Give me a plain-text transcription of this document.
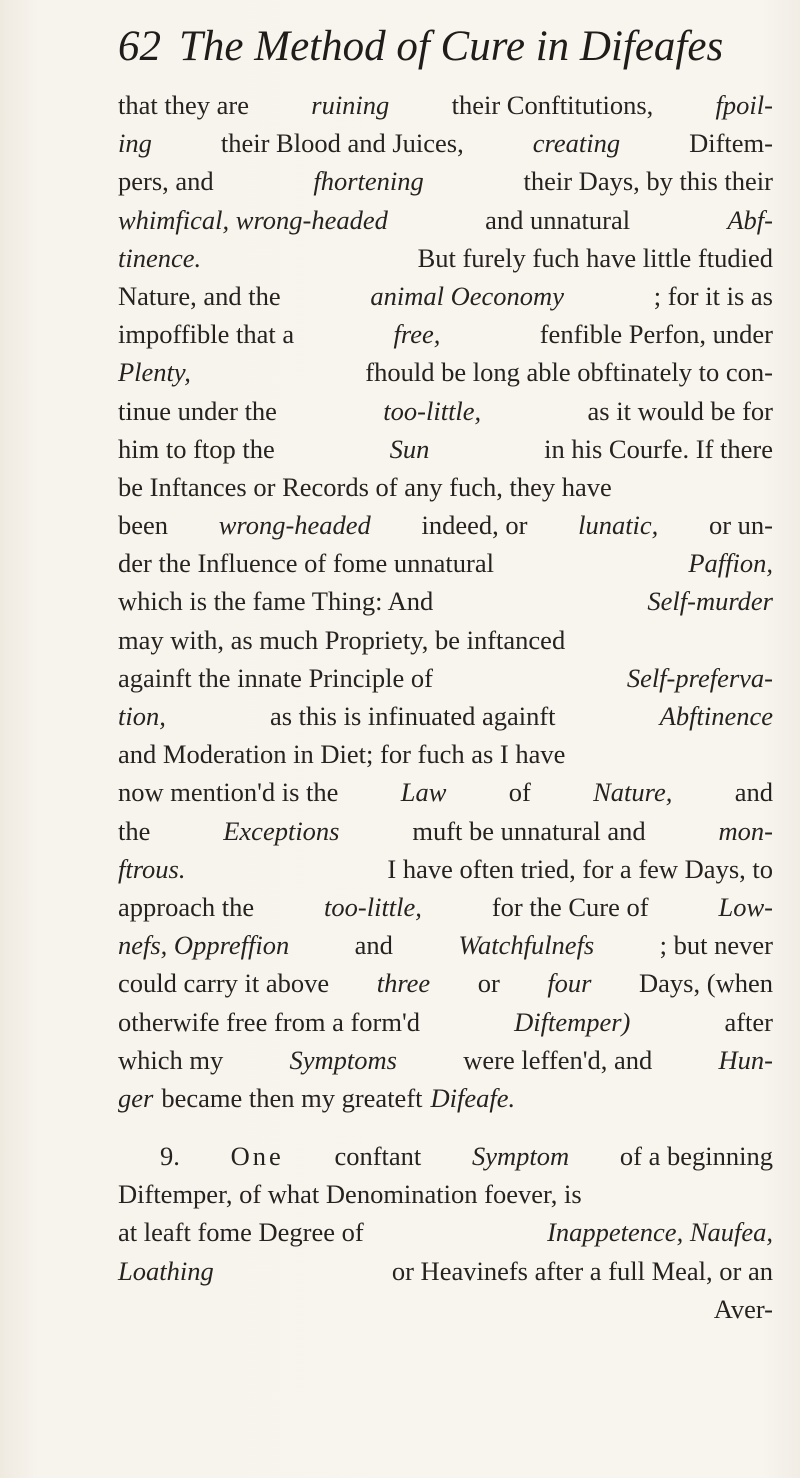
62 The Method of Cure in Difeafes
that they are ruining their Conftitutions, fpoil-
ing	their Blood and Juices,	creating	Diftem-
pers, and	fhortening	their Days, by this their
whimfical, wrong-headed	and unnatural	Abf-
tinence.	But furely fuch have little ftudied
Nature, and the	animal Oeconomy	; for it is as
impoffible that a	free,	fenfible Perfon, under
Plenty,	fhould be long able obftinately to con-
tinue under the	too-little,	as it would be for
him to ftop the	Sun	in his Courfe. If there
be Inftances or Records of any fuch, they have
been wrong-headed indeed, or lunatic, or un-
der the Influence of fome unnatural	Paffion,
which is the fame Thing: And	Self-murder
may with, as much Propriety, be inftanced
againft the innate Principle of	Self-preferva-
tion,	as this is infinuated againft	Abftinence
and Moderation in Diet; for fuch as I have
now mention'd is the Law of Nature, and
the	Exceptions	muft be unnatural and	mon-
ftrous.	I have often tried, for a few Days, to
approach the	too-little,	for the Cure of	Low-
nefs, Oppreffion and Watchfulnefs ; but never
could carry it above three or four Days, (when
otherwife free from a form'd	Diftemper)	after
which my	Symptoms	were leffen'd, and	Hun-
ger became then my greateft Difeafe.
9. One conftant Symptom of a beginning
Diftemper, of what Denomination foever, is
at leaft fome Degree of	Inappetence, Naufea,
Loathing	or Heavinefs after a full Meal, or an
Aver-
